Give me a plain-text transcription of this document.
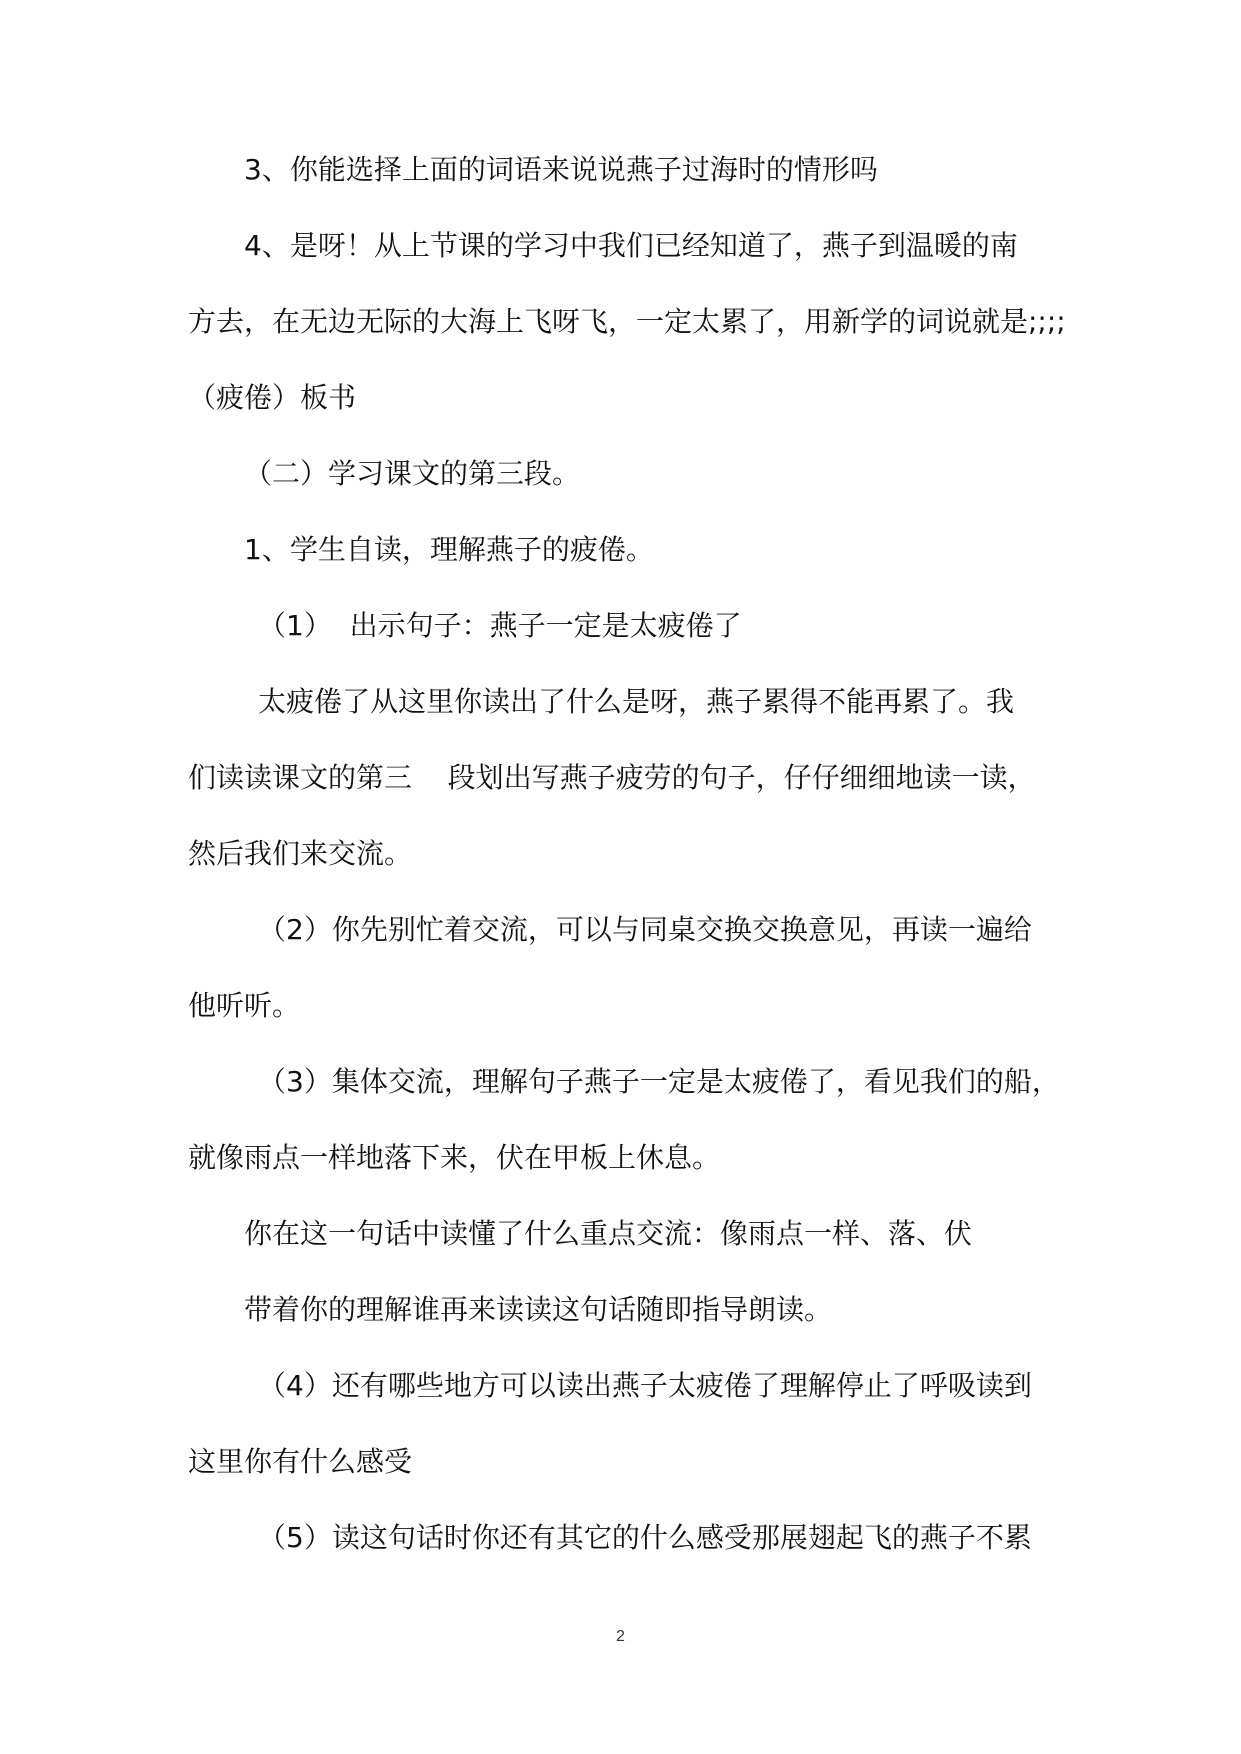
3、你能选择上面的词语来说说燕子过海时的情形吗
4、是呀！从上节课的学习中我们已经知道了，燕子到温暖的南
方去，在无边无际的大海上飞呀飞，一定太累了，用新学的词说就是;;;;
（疲倦）板书
（二）学习课文的第三段。
1、学生自读，理解燕子的疲倦。
（1）  出示句子：燕子一定是太疲倦了
太疲倦了从这里你读出了什么是呀，燕子累得不能再累了。我
们读读课文的第三    段划出写燕子疲劳的句子，仔仔细细地读一读，
然后我们来交流。
（2）你先别忙着交流，可以与同桌交换交换意见，再读一遍给
他听听。
（3）集体交流，理解句子燕子一定是太疲倦了，看见我们的船，
就像雨点一样地落下来，伏在甲板上休息。
你在这一句话中读懂了什么重点交流：像雨点一样、落、伏
带着你的理解谁再来读读这句话随即指导朗读。
（4）还有哪些地方可以读出燕子太疲倦了理解停止了呼吸读到
这里你有什么感受
（5）读这句话时你还有其它的什么感受那展翅起飞的燕子不累
2
